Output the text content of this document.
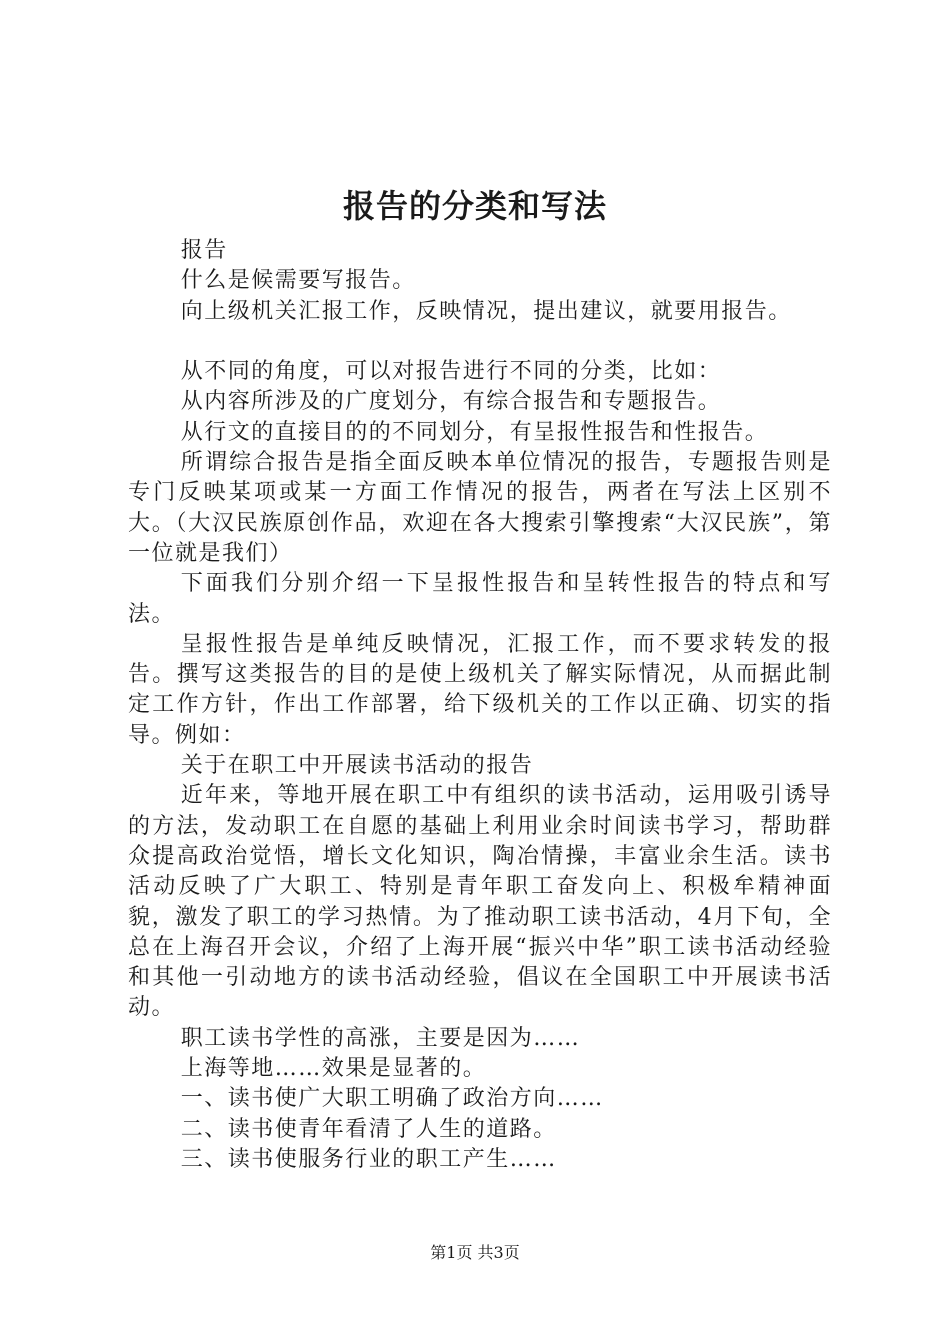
报告的分类和写法

报告

什么是候需要写报告。

向上级机关汇报工作，反映情况，提出建议，就要用报告。

从不同的角度，可以对报告进行不同的分类，比如：

从内容所涉及的广度划分，有综合报告和专题报告。

从行文的直接目的的不同划分，有呈报性报告和性报告。

所谓综合报告是指全面反映本单位情况的报告，专题报告则是专门反映某项或某一方面工作情况的报告，两者在写法上区别不大。（大汉民族原创作品，欢迎在各大搜索引擎搜索“大汉民族”，第一位就是我们）

下面我们分别介绍一下呈报性报告和呈转性报告的特点和写法。

呈报性报告是单纯反映情况，汇报工作，而不要求转发的报告。撰写这类报告的目的是使上级机关了解实际情况，从而据此制定工作方针，作出工作部署，给下级机关的工作以正确、切实的指导。例如：

关于在职工中开展读书活动的报告

近年来，等地开展在职工中有组织的读书活动，运用吸引诱导的方法，发动职工在自愿的基础上利用业余时间读书学习，帮助群众提高政治觉悟，增长文化知识，陶冶情操，丰富业余生活。读书活动反映了广大职工、特别是青年职工奋发向上、积极牟精神面貌，激发了职工的学习热情。为了推动职工读书活动，4月下旬，全总在上海召开会议，介绍了上海开展“振兴中华”职工读书活动经验和其他一引动地方的读书活动经验，倡议在全国职工中开展读书活动。

职工读书学性的高涨，主要是因为……

上海等地……效果是显著的。

一、读书使广大职工明确了政治方向……

二、读书使青年看清了人生的道路。

三、读书使服务行业的职工产生……

第1页 共3页
